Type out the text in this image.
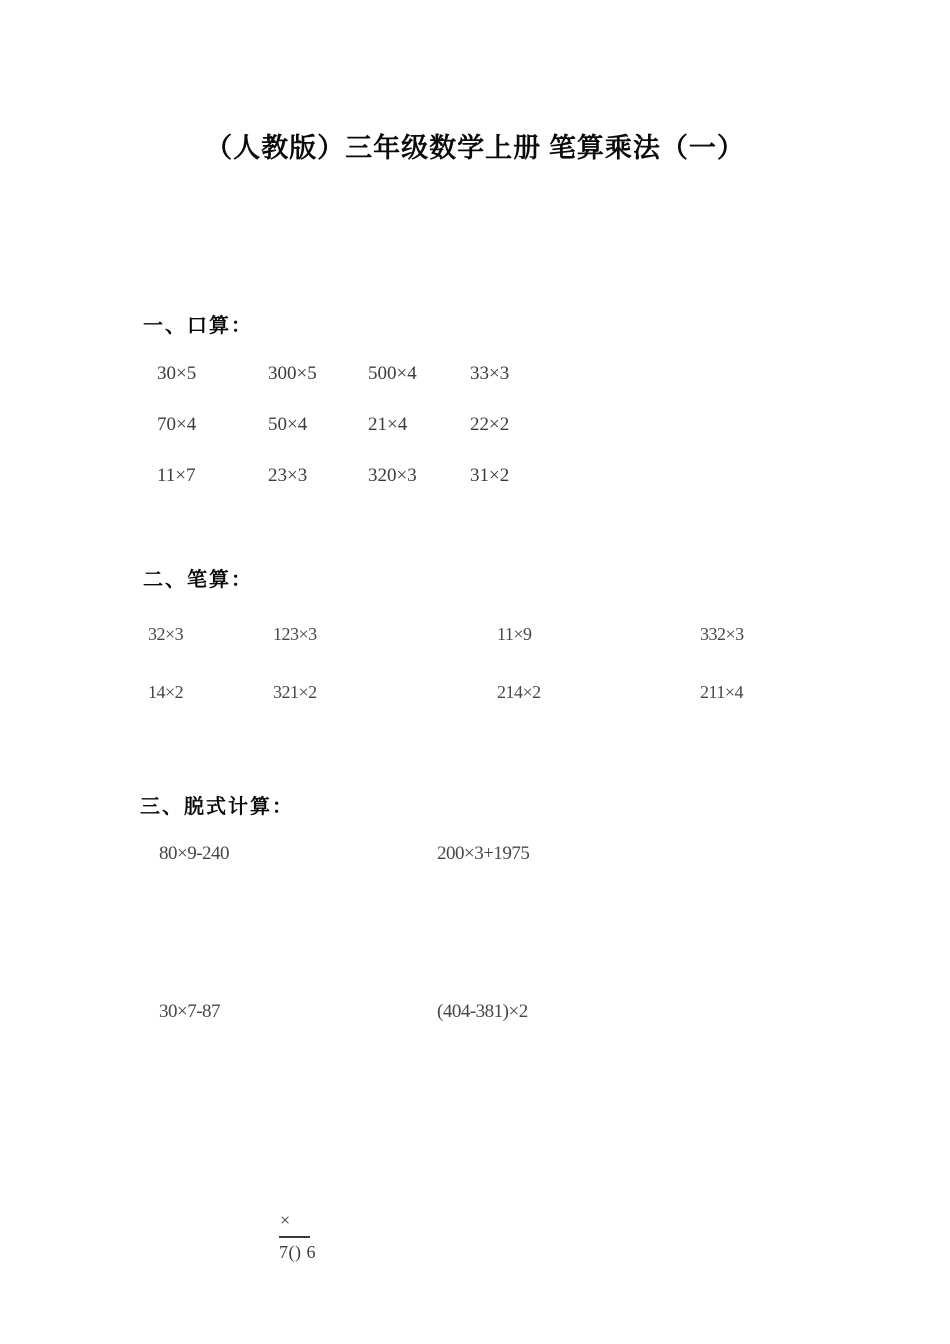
（人教版）三年级数学上册 笔算乘法（一）
一、口算：
30×5	300×5	500×4	33×3
70×4	50×4	21×4	22×2
11×7	23×3	320×3	31×2
二、笔算：
32×3	123×3	11×9	332×3
14×2	321×2	214×2	211×4
三、脱式计算：
80×9-240	200×3+1975
30×7-87	(404-381)×2
×
7() 6
